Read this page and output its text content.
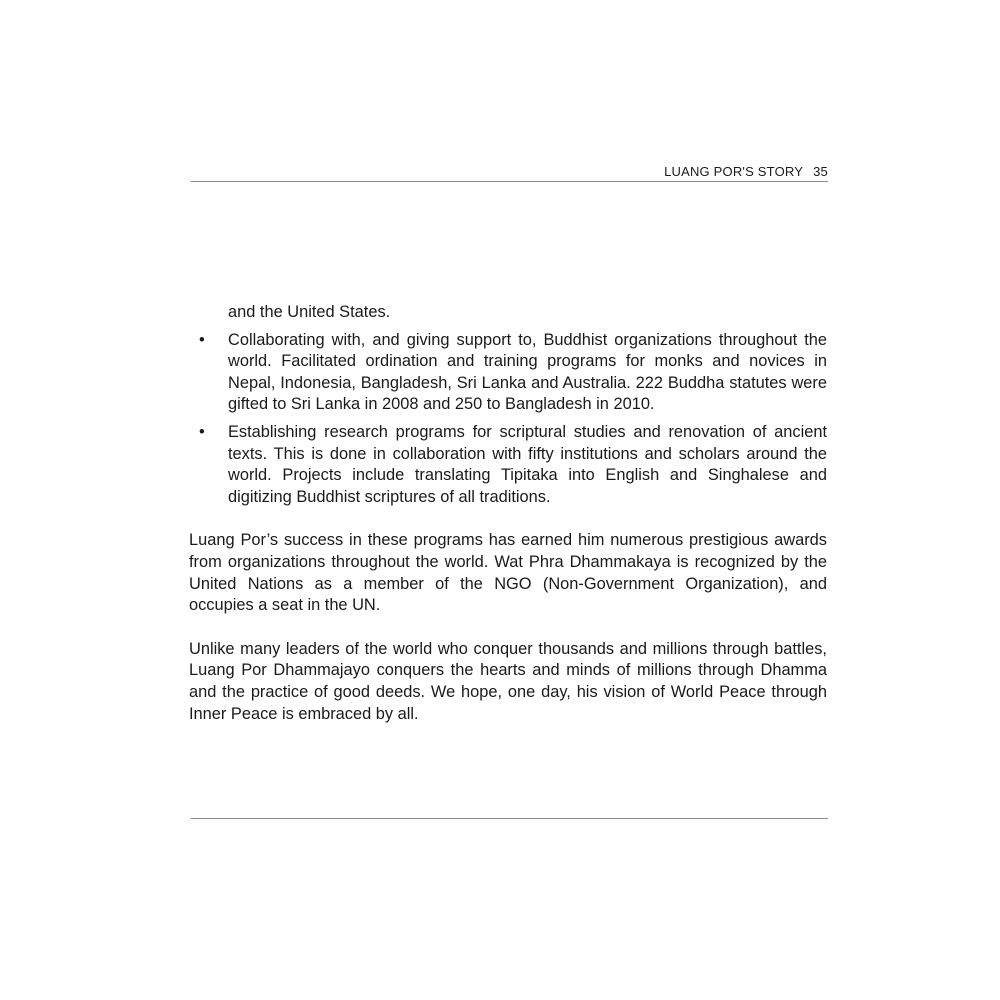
LUANG POR'S STORY 35

and the United States.

• Collaborating with, and giving support to, Buddhist organizations throughout the world. Facilitated ordination and training programs for monks and novices in Nepal, Indonesia, Bangladesh, Sri Lanka and Australia. 222 Buddha statutes were gifted to Sri Lanka in 2008 and 250 to Bangladesh in 2010.
• Establishing research programs for scriptural studies and renovation of ancient texts. This is done in collaboration with fifty institutions and scholars around the world. Projects include translating Tipitaka into English and Singhalese and digitizing Buddhist scriptures of all traditions.

Luang Por’s success in these programs has earned him numerous prestigious awards from organizations throughout the world. Wat Phra Dhammakaya is recognized by the United Nations as a member of the NGO (Non-Government Organization), and occupies a seat in the UN.

Unlike many leaders of the world who conquer thousands and millions through battles, Luang Por Dhammajayo conquers the hearts and minds of millions through Dhamma and the practice of good deeds. We hope, one day, his vision of World Peace through Inner Peace is embraced by all.
